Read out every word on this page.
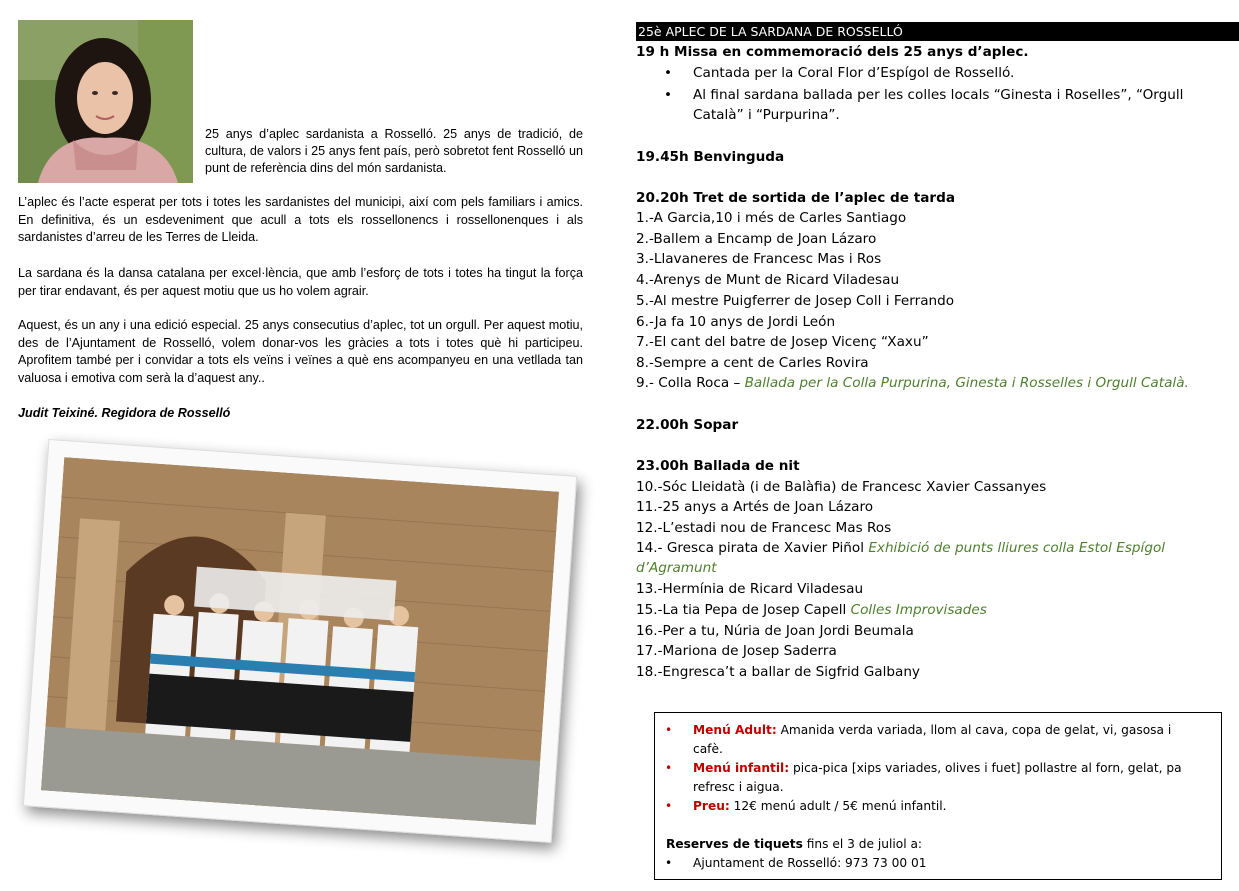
25 anys d’aplec sardanista a Rosselló. 25 anys de tradició, de cultura, de valors i 25 anys fent país, però sobretot fent Rosselló un punt de referència dins del món sardanista.
L’aplec és l’acte esperat per tots i totes les sardanistes del municipi, així com pels familiars i amics. En definitiva, és un esdeveniment que acull a tots els rossellonencs i rossellonenques i als sardanistes d’arreu de les Terres de Lleida.
La sardana és la dansa catalana per excel·lència, que amb l’esforç de tots i totes ha tingut la força per tirar endavant, és per aquest motiu que us ho volem agrair.
Aquest, és un any i una edició especial. 25 anys consecutius d’aplec, tot un orgull. Per aquest motiu, des de l’Ajuntament de Rosselló, volem donar-vos les gràcies a tots i totes què hi participeu. Aprofitem també per i convidar a tots els veïns i veïnes a què ens acompanyeu en una vetllada tan valuosa i emotiva com serà la d’aquest any..
Judit Teixiné. Regidora de Rosselló
25è APLEC DE LA SARDANA DE ROSSELLÓ
19 h Missa en commemoració dels 25 anys d’aplec.
• Cantada per la Coral Flor d’Espígol de Rosselló.
• Al final sardana ballada per les colles locals “Ginesta i Roselles”, “Orgull
Català” i “Purpurina”.
19.45h Benvinguda
20.20h Tret de sortida de l’aplec de tarda
1.-A Garcia,10 i més de Carles Santiago
2.-Ballem a Encamp de Joan Lázaro
3.-Llavaneres de Francesc Mas i Ros
4.-Arenys de Munt de Ricard Viladesau
5.-Al mestre Puigferrer de Josep Coll i Ferrando
6.-Ja fa 10 anys de Jordi León
7.-El cant del batre de Josep Vicenç “Xaxu”
8.-Sempre a cent de Carles Rovira
9.- Colla Roca – Ballada per la Colla Purpurina, Ginesta i Rosselles i Orgull Català.
22.00h Sopar
23.00h Ballada de nit
10.-Sóc Lleidatà (i de Balàfia) de Francesc Xavier Cassanyes
11.-25 anys a Artés de Joan Lázaro
12.-L’estadi nou de Francesc Mas Ros
14.- Gresca pirata de Xavier Piñol Exhibició de punts lliures colla Estol Espígol
d’Agramunt
13.-Hermínia de Ricard Viladesau
15.-La tia Pepa de Josep Capell Colles Improvisades
16.-Per a tu, Núria de Joan Jordi Beumala
17.-Mariona de Josep Saderra
18.-Engresca’t a ballar de Sigfrid Galbany
• Menú Adult: Amanida verda variada, llom al cava, copa de gelat, vi, gasosa i cafè.
• Menú infantil: pica-pica [xips variades, olives i fuet] pollastre al forn, gelat, pa refresc i aigua.
• Preu: 12€ menú adult / 5€ menú infantil.
Reserves de tiquets fins el 3 de juliol a:
• Ajuntament de Rosselló: 973 73 00 01
